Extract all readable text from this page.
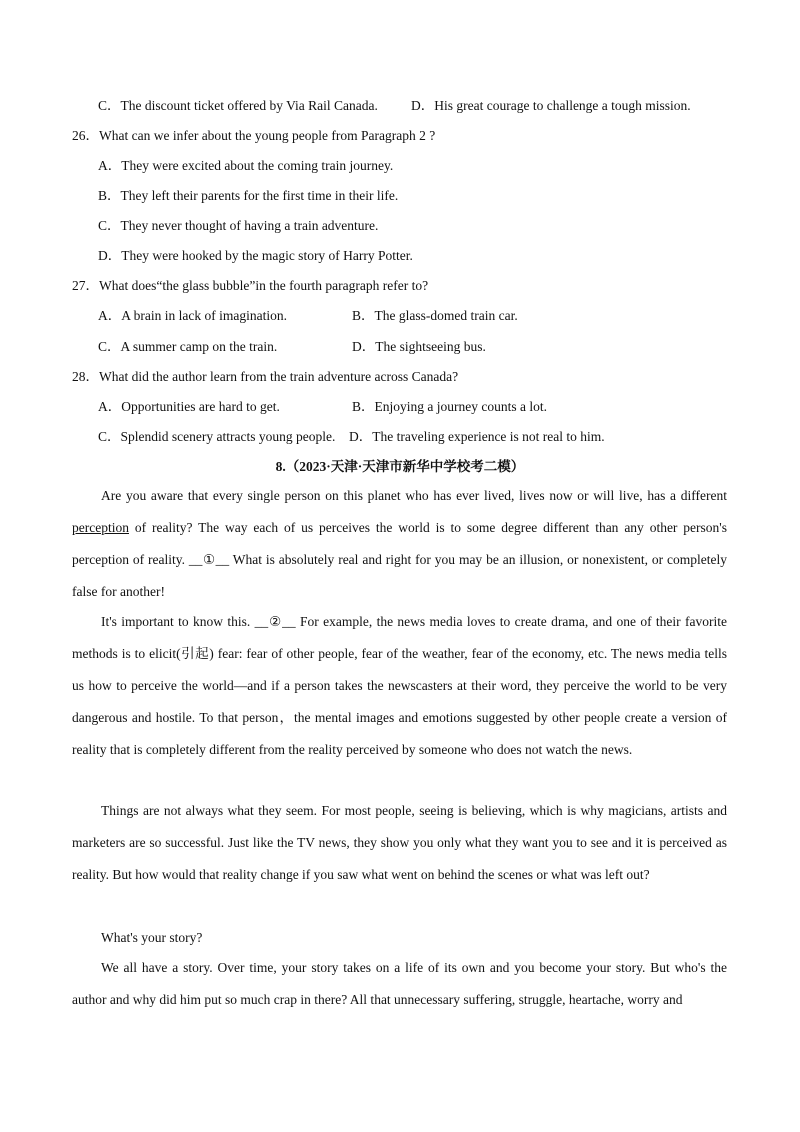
C．The discount ticket offered by Via Rail Canada. D．His great courage to challenge a tough mission.
26．What can we infer about the young people from Paragraph 2 ?
A．They were excited about the coming train journey.
B．They left their parents for the first time in their life.
C．They never thought of having a train adventure.
D．They were hooked by the magic story of Harry Potter.
27．What does“the glass bubble”in the fourth paragraph refer to?
A．A brain in lack of imagination.	B．The glass-domed train car.
C．A summer camp on the train.	D．The sightseeing bus.
28．What did the author learn from the train adventure across Canada?
A．Opportunities are hard to get.	B．Enjoying a journey counts a lot.
C．Splendid scenery attracts young people. D．The traveling experience is not real to him.
8.（2023·天津·天津市新华中学校考二模）
Are you aware that every single person on this planet who has ever lived, lives now or will live, has a different perception of reality? The way each of us perceives the world is to some degree different than any other person's perception of reality. __①__ What is absolutely real and right for you may be an illusion, or nonexistent, or completely false for another!
It's important to know this. __②__ For example, the news media loves to create drama, and one of their favorite methods is to elicit(引起) fear: fear of other people, fear of the weather, fear of the economy, etc. The news media tells us how to perceive the world—and if a person takes the newscasters at their word, they perceive the world to be very dangerous and hostile. To that person，the mental images and emotions suggested by other people create a version of reality that is completely different from the reality perceived by someone who does not watch the news.
Things are not always what they seem. For most people, seeing is believing, which is why magicians, artists and marketers are so successful. Just like the TV news, they show you only what they want you to see and it is perceived as reality. But how would that reality change if you saw what went on behind the scenes or what was left out?
What's your story?
We all have a story. Over time, your story takes on a life of its own and you become your story. But who's the author and why did him put so much crap in there? All that unnecessary suffering, struggle, heartache, worry and
